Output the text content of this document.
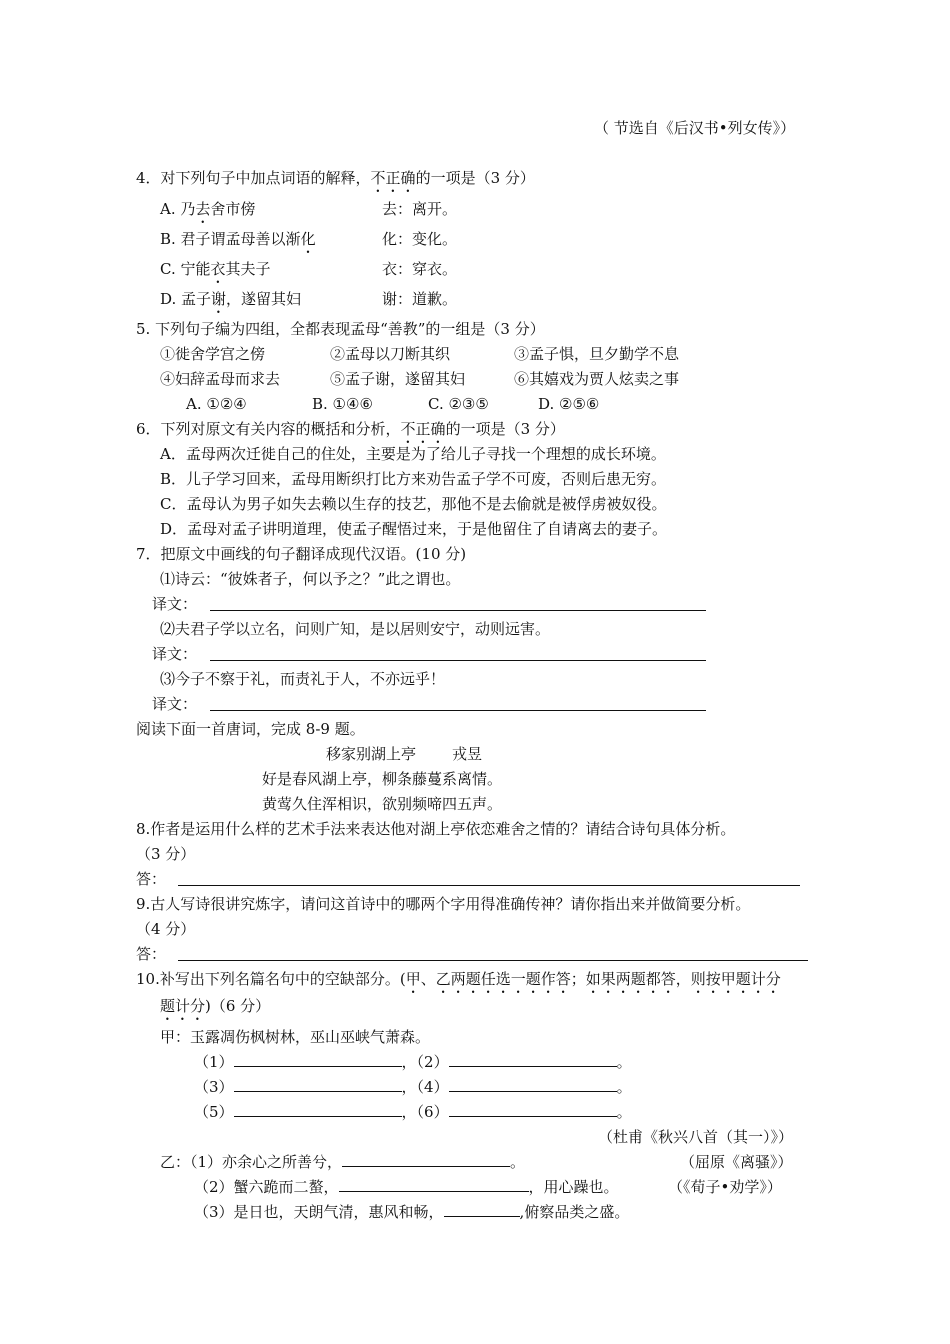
（ 节选自《后汉书•列女传》）
4．对下列句子中加点词语的解释，不正确的一项是（3 分）
A. 乃去舍市傍	去：离开。
B. 君子谓孟母善以渐化	化：变化。
C. 宁能衣其夫子	衣：穿衣。
D. 孟子谢，遂留其妇	谢：道歉。
5. 下列句子编为四组，全都表现孟母“善教”的一组是（3 分）
①徙舍学宫之傍	②孟母以刀断其织	③孟子惧，旦夕勤学不息
④妇辞孟母而求去	⑤孟子谢，遂留其妇	⑥其嬉戏为贾人炫卖之事
A. ①②④	B. ①④⑥	C. ②③⑤	D. ②⑤⑥
6．下列对原文有关内容的概括和分析，不正确的一项是（3 分）
A．孟母两次迁徙自己的住处，主要是为了给儿子寻找一个理想的成长环境。
B．儿子学习回来，孟母用断织打比方来劝告孟子学不可废，否则后患无穷。
C．孟母认为男子如失去赖以生存的技艺，那他不是去偷就是被俘虏被奴役。
D．孟母对孟子讲明道理，使孟子醒悟过来，于是他留住了自请离去的妻子。
7．把原文中画线的句子翻译成现代汉语。(10 分)
⑴诗云：“彼姝者子，何以予之？”此之谓也。
译文：
⑵夫君子学以立名，问则广知，是以居则安宁，动则远害。
译文：
⑶今子不察于礼，而责礼于人，不亦远乎！
译文：
阅读下面一首唐词，完成 8-9 题。
移家别湖上亭 戎昱
好是春风湖上亭，柳条藤蔓系离情。
黄莺久住浑相识，欲别频啼四五声。
8.作者是运用什么样的艺术手法来表达他对湖上亭依恋难舍之情的？请结合诗句具体分析。
（3 分）
答：
9.古人写诗很讲究炼字，请问这首诗中的哪两个字用得准确传神？请你指出来并做简要分析。
（4 分）
答：
10.补写出下列名篇名句中的空缺部分。(甲、乙两题任选一题作答；如果两题都答，则按甲题计分
题计分)（6 分）
甲：玉露凋伤枫树林，巫山巫峡气萧森。
（1）	，（2）	。
（3）	，（4）	。
（5）	，（6）	。
（杜甫《秋兴八首（其一）》）
乙：（1）亦余心之所善兮，	。	（屈原《离骚》）
（2）蟹六跪而二螯，	，用心躁也。	（《荀子•劝学》）
（3）是日也，天朗气清，惠风和畅，	,俯察品类之盛。
